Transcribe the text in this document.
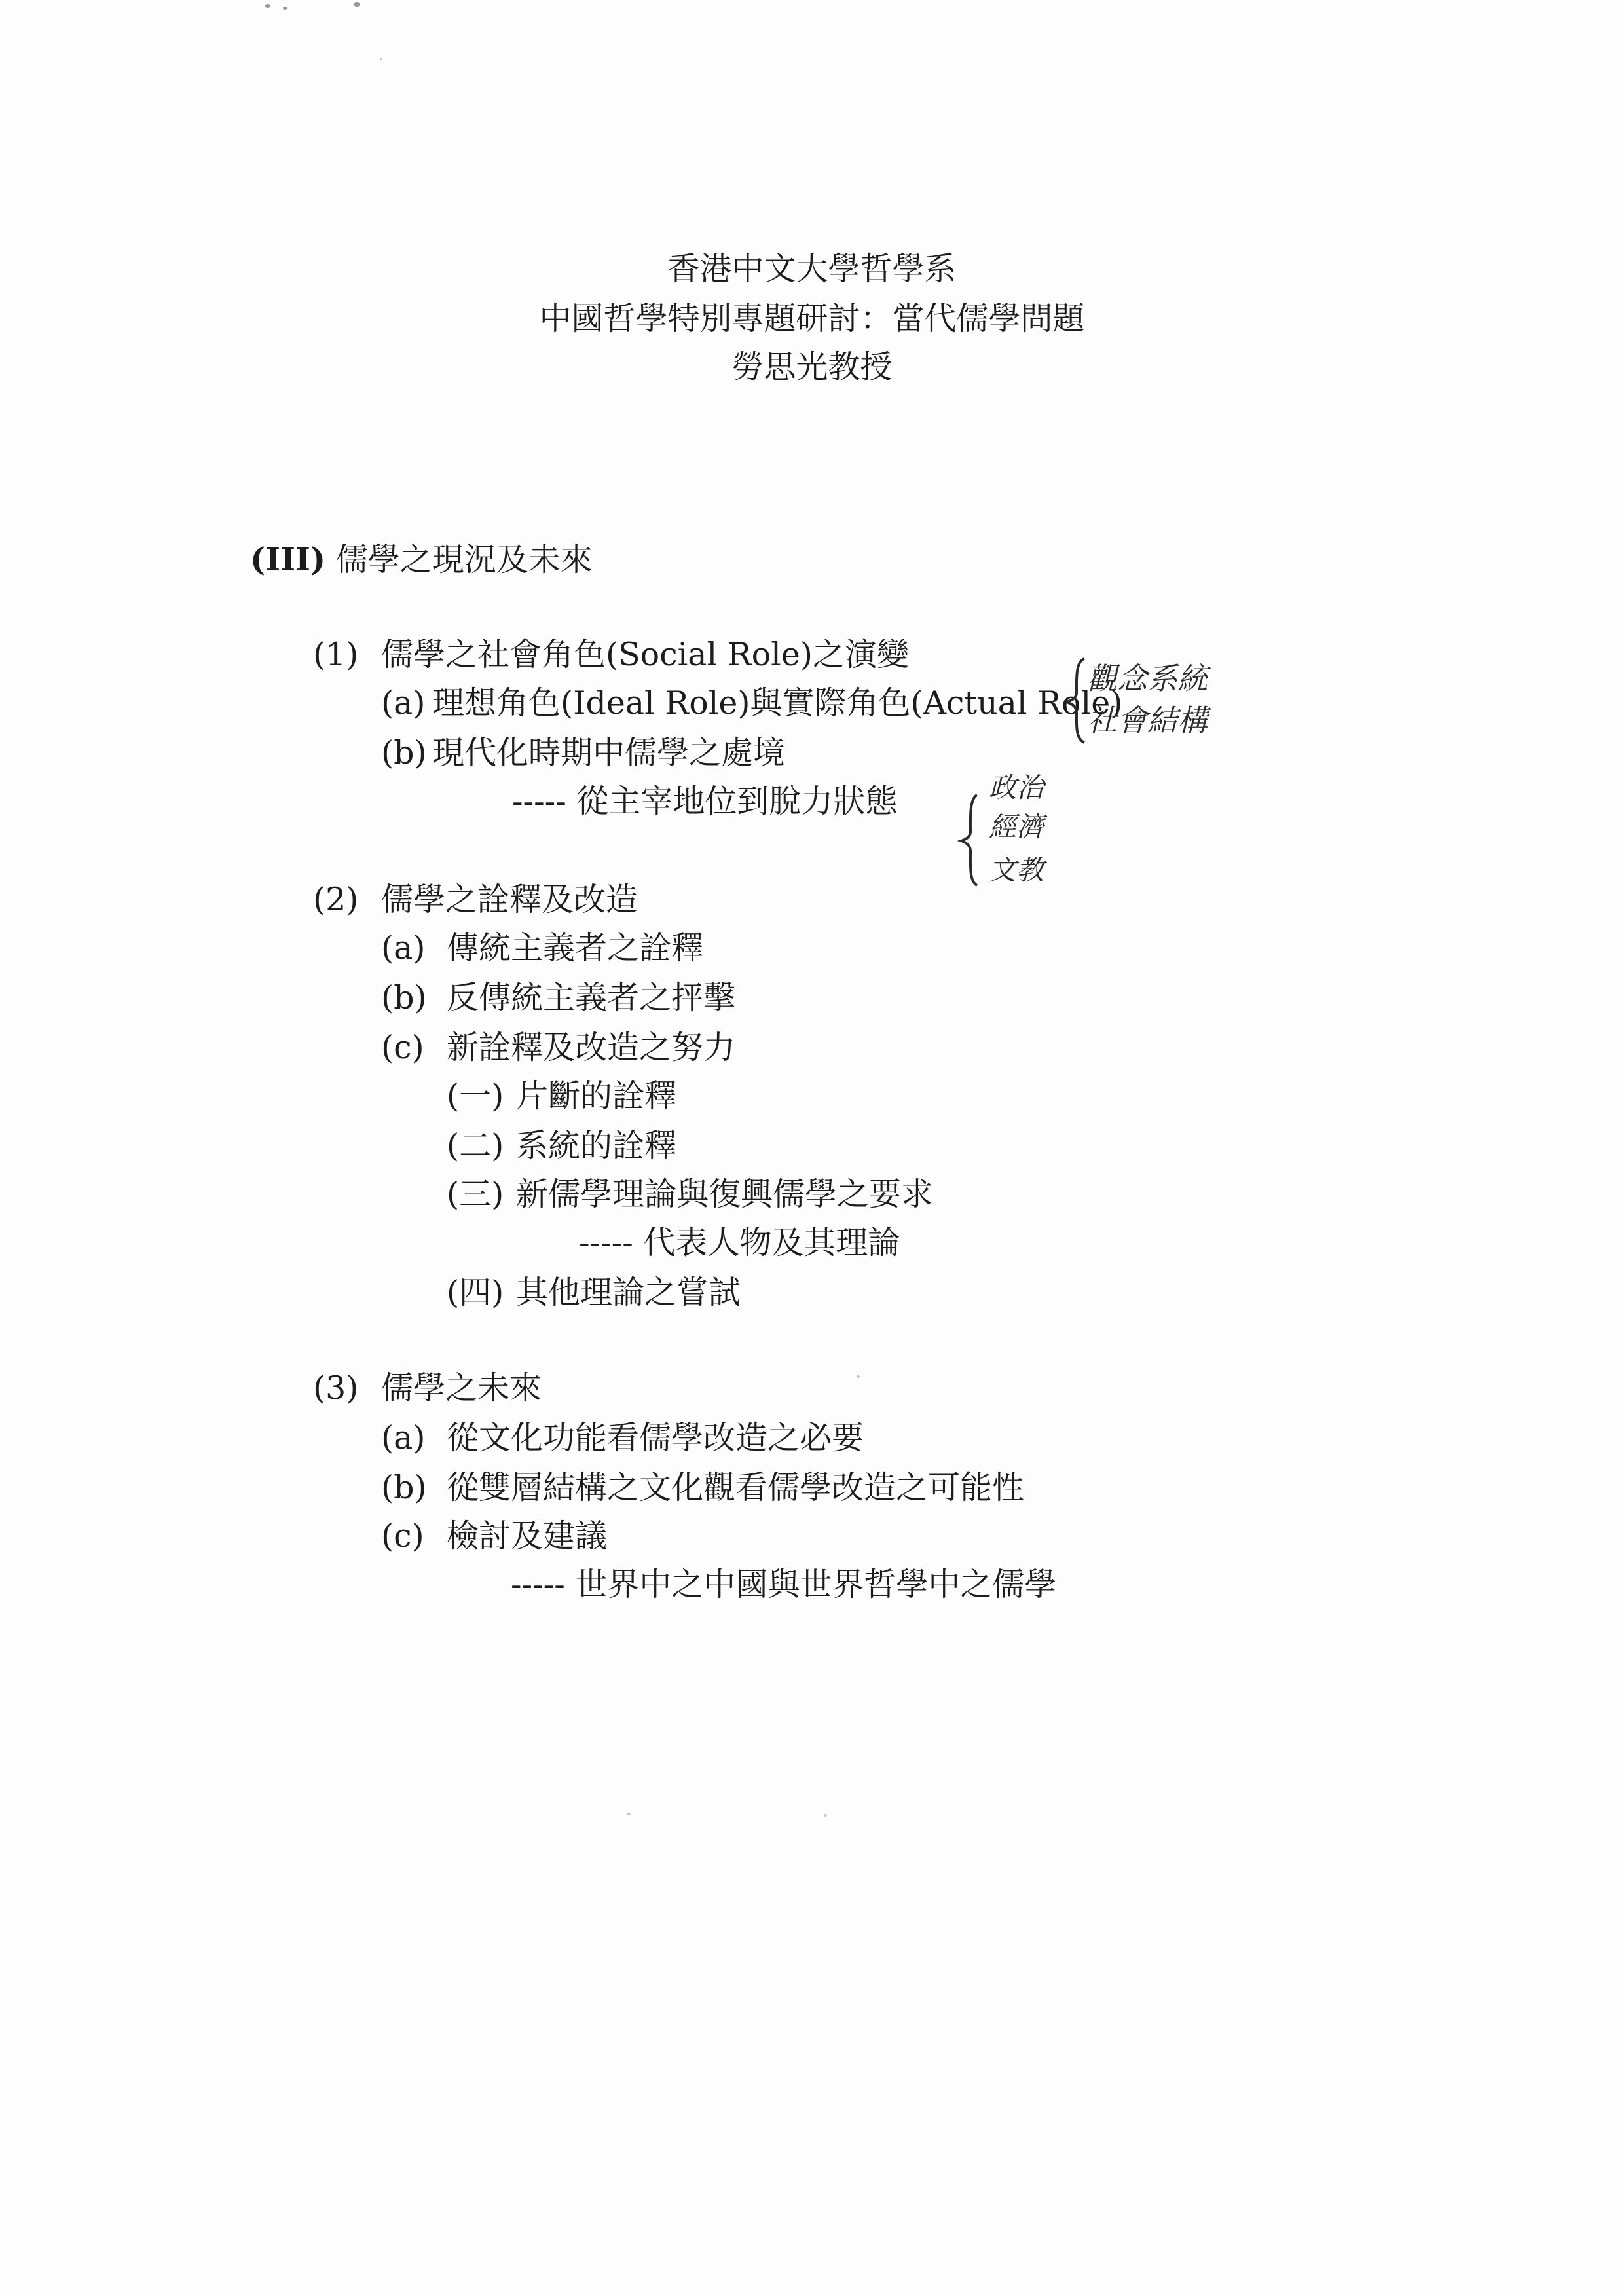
香港中文大學哲學系
中國哲學特別專題研討：當代儒學問題
勞思光教授
(III) 儒學之現況及未來
(1) 儒學之社會角色(Social Role)之演變
(a) 理想角色(Ideal Role)與實際角色(Actual Role)
(b) 現代化時期中儒學之處境
----- 從主宰地位到脫力狀態
觀念系統
社會結構
政治
經濟
文教
(2) 儒學之詮釋及改造
(a) 傳統主義者之詮釋
(b) 反傳統主義者之抨擊
(c) 新詮釋及改造之努力
(一) 片斷的詮釋
(二) 系統的詮釋
(三) 新儒學理論與復興儒學之要求
----- 代表人物及其理論
(四) 其他理論之嘗試
(3) 儒學之未來
(a) 從文化功能看儒學改造之必要
(b) 從雙層結構之文化觀看儒學改造之可能性
(c) 檢討及建議
----- 世界中之中國與世界哲學中之儒學
